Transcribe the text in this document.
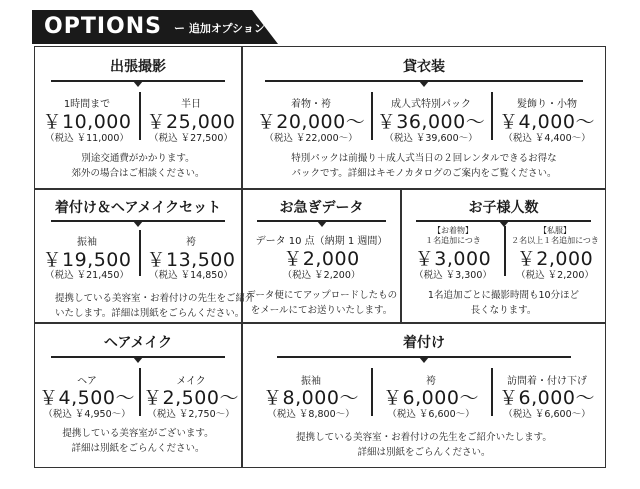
OPTIONS ー 追加オプション ー
出張撮影
1時間まで
￥10,000
（税込 ￥11,000）
半日
￥25,000
（税込 ￥27,500）
別途交通費がかかります。
郊外の場合はご相談ください。
貸衣装
着物・袴
￥20,000～
（税込 ￥22,000～）
成人式特別パック
￥36,000～
（税込 ￥39,600～）
髪飾り・小物
￥4,000～
（税込 ￥4,400～）
特別パックは前撮り＋成人式当日の２回レンタルできるお得な
パックです。詳細はキモノカタログのご案内をご覧ください。
着付け＆ヘアメイクセット
振袖
￥19,500
（税込 ￥21,450）
袴
￥13,500
（税込 ￥14,850）
提携している美容室・お着付けの先生をご紹介
いたします。詳細は別紙をごらんください。
お急ぎデータ
データ 10 点（納期 1 週間）
￥2,000
（税込 ￥2,200）
データ便にてアップロードしたもの
をメールにてお送りいたします。
お子様人数
【お着物】
１名追加につき
￥3,000
（税込 ￥3,300）
【私服】
２名以上１名追加につき
￥2,000
（税込 ￥2,200）
1名追加ごとに撮影時間も10分ほど
長くなります。
ヘアメイク
ヘア
￥4,500～
（税込 ￥4,950～）
メイク
￥2,500～
（税込 ￥2,750～）
提携している美容室がございます。
詳細は別紙をごらんください。
着付け
振袖
￥8,000～
（税込 ￥8,800～）
袴
￥6,000～
（税込 ￥6,600～）
訪問着・付け下げ
￥6,000～
（税込 ￥6,600～）
提携している美容室・お着付けの先生をご紹介いたします。
詳細は別紙をごらんください。
